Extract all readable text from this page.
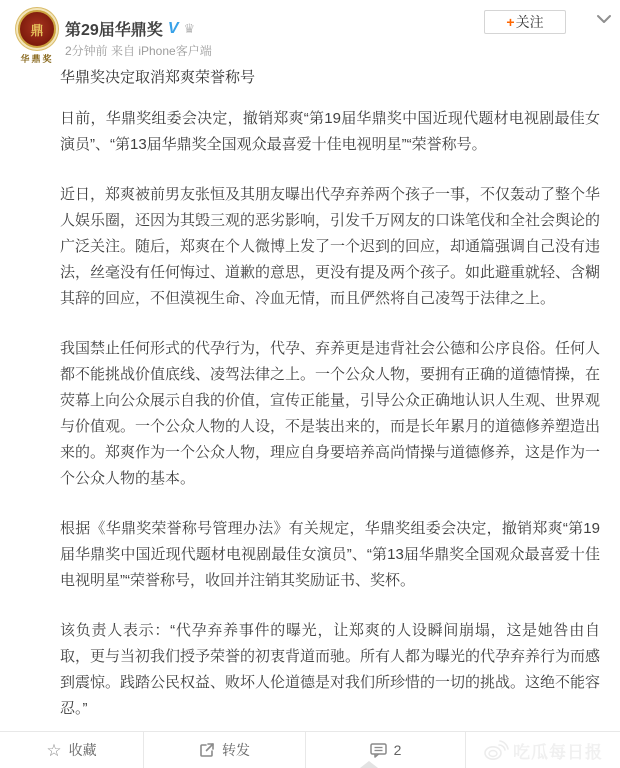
鼎
华鼎奖
第29届华鼎奖 V ♛
2分钟前 来自 iPhone客户端
+ 关注
华鼎奖决定取消郑爽荣誉称号

日前，华鼎奖组委会决定，撤销郑爽“第19届华鼎奖中国近现代题材电视剧最佳女演员”、“第13届华鼎奖全国观众最喜爱十佳电视明星”“荣誉称号。

近日，郑爽被前男友张恒及其朋友曝出代孕弃养两个孩子一事，不仅轰动了整个华人娱乐圈，还因为其毁三观的恶劣影响，引发千万网友的口诛笔伐和全社会舆论的广泛关注。随后，郑爽在个人微博上发了一个迟到的回应，却通篇强调自己没有违法，丝毫没有任何悔过、道歉的意思，更没有提及两个孩子。如此避重就轻、含糊其辞的回应，不但漠视生命、冷血无情，而且俨然将自己凌驾于法律之上。

我国禁止任何形式的代孕行为，代孕、弃养更是违背社会公德和公序良俗。任何人都不能挑战价值底线、凌驾法律之上。一个公众人物，要拥有正确的道德情操，在荧幕上向公众展示自我的价值，宣传正能量，引导公众正确地认识人生观、世界观与价值观。一个公众人物的人设，不是装出来的，而是长年累月的道德修养塑造出来的。郑爽作为一个公众人物，理应自身要培养高尚情操与道德修养，这是作为一个公众人物的基本。

根据《华鼎奖荣誉称号管理办法》有关规定，华鼎奖组委会决定，撤销郑爽“第19届华鼎奖中国近现代题材电视剧最佳女演员”、“第13届华鼎奖全国观众最喜爱十佳电视明星”“荣誉称号，收回并注销其奖励证书、奖杯。

该负责人表示：“代孕弃养事件的曝光，让郑爽的人设瞬间崩塌，这是她咎由自取，更与当初我们授予荣誉的初衷背道而驰。所有人都为曝光的代孕弃养行为而感到震惊。践踏公民权益、败坏人伦道德是对我们所珍惜的一切的挑战。这绝不能容忍。”

☆ 收藏	转发	2	吃瓜每日报
